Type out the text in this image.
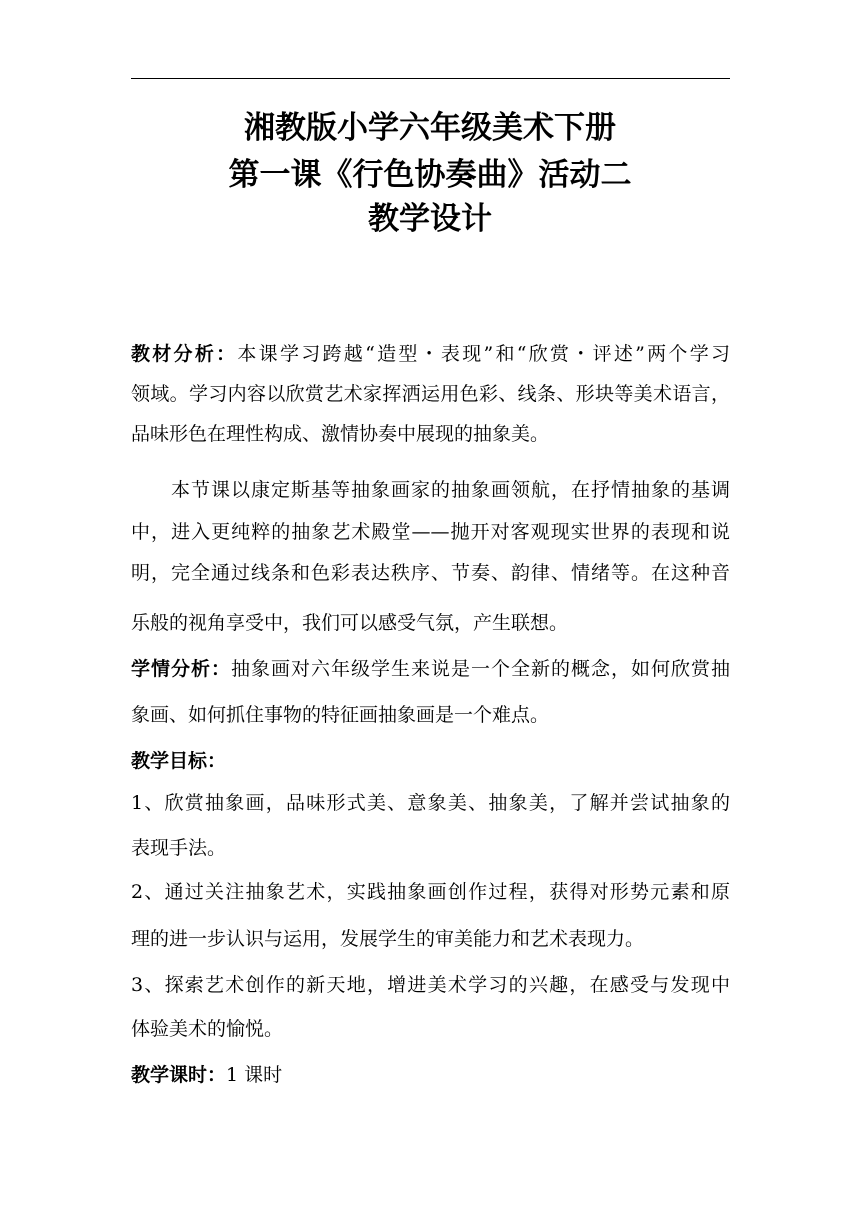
湘教版小学六年级美术下册
第一课《行色协奏曲》活动二
教学设计
教材分析：本课学习跨越“造型・表现”和“欣赏・评述”两个学习
领域。学习内容以欣赏艺术家挥洒运用色彩、线条、形块等美术语言，
品味形色在理性构成、激情协奏中展现的抽象美。
本节课以康定斯基等抽象画家的抽象画领航，在抒情抽象的基调
中，进入更纯粹的抽象艺术殿堂——抛开对客观现实世界的表现和说
明，完全通过线条和色彩表达秩序、节奏、韵律、情绪等。在这种音
乐般的视角享受中，我们可以感受气氛，产生联想。
学情分析：抽象画对六年级学生来说是一个全新的概念，如何欣赏抽
象画、如何抓住事物的特征画抽象画是一个难点。
教学目标：
1、欣赏抽象画，品味形式美、意象美、抽象美，了解并尝试抽象的
表现手法。
2、通过关注抽象艺术，实践抽象画创作过程，获得对形势元素和原
理的进一步认识与运用，发展学生的审美能力和艺术表现力。
3、探索艺术创作的新天地，增进美术学习的兴趣，在感受与发现中
体验美术的愉悦。
教学课时：1 课时
